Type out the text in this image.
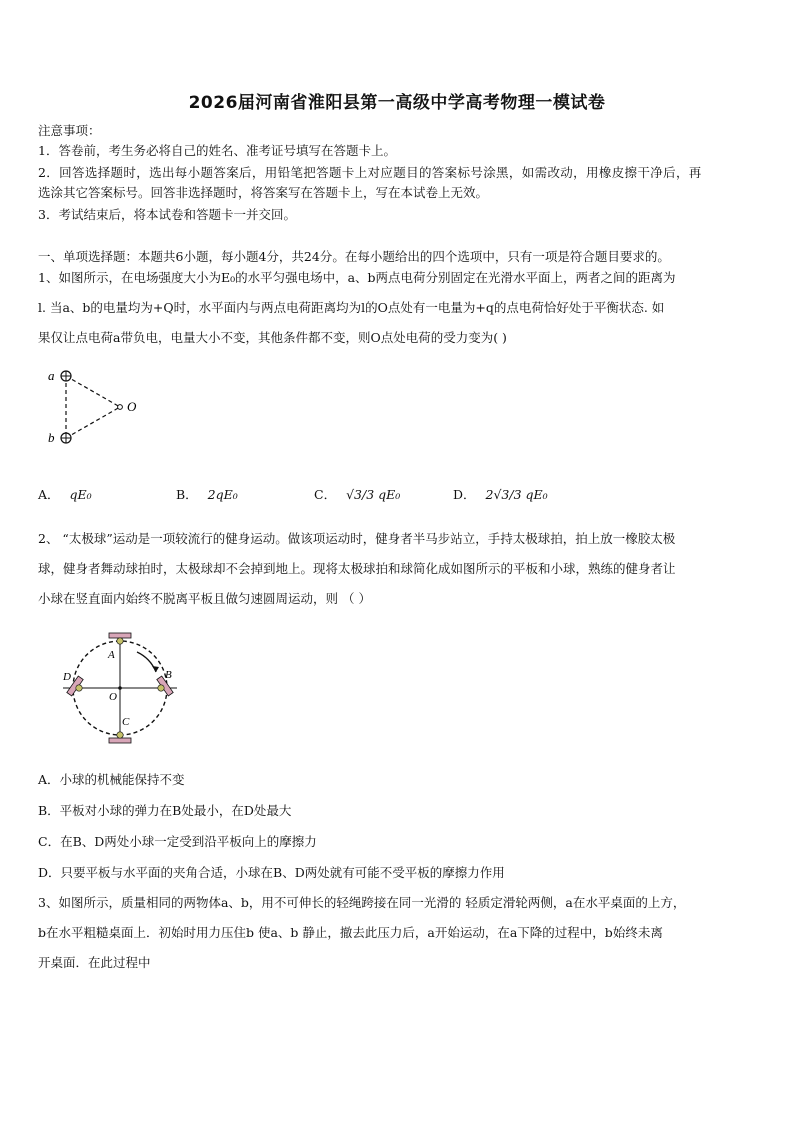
2026届河南省淮阳县第一高级中学高考物理一模试卷
注意事项：
1．答卷前，考生务必将自己的姓名、准考证号填写在答题卡上。
2．回答选择题时，选出每小题答案后，用铅笔把答题卡上对应题目的答案标号涂黑，如需改动，用橡皮擦干净后，再
选涂其它答案标号。回答非选择题时，将答案写在答题卡上，写在本试卷上无效。
3．考试结束后，将本试卷和答题卡一并交回。
一、单项选择题：本题共6小题，每小题4分，共24分。在每小题给出的四个选项中，只有一项是符合题目要求的。
1、如图所示，在电场强度大小为E₀的水平匀强电场中，a、b两点电荷分别固定在光滑水平面上，两者之间的距离为
l. 当a、b的电量均为+Q时，水平面内与两点电荷距离均为l的O点处有一电量为+q的点电荷恰好处于平衡状态. 如
果仅让点电荷a带负电，电量大小不变，其他条件都不变，则O点处电荷的受力变为( )
a
b
O
A． qE₀	B． 2qE₀	C． √3/3 qE₀	D． 2√3/3 qE₀
2、 “太极球”运动是一项较流行的健身运动。做该项运动时，健身者半马步站立，手持太极球拍，拍上放一橡胶太极
球，健身者舞动球拍时，太极球却不会掉到地上。现将太极球拍和球简化成如图所示的平板和小球，熟练的健身者让
小球在竖直面内始终不脱离平板且做匀速圆周运动，则 （ ）
A
B
C
D
O
A．小球的机械能保持不变
B．平板对小球的弹力在B处最小，在D处最大
C．在B、D两处小球一定受到沿平板向上的摩擦力
D．只要平板与水平面的夹角合适，小球在B、D两处就有可能不受平板的摩擦力作用
3、如图所示，质量相同的两物体a、b，用不可伸长的轻绳跨接在同一光滑的 轻质定滑轮两侧，a在水平桌面的上方，
b在水平粗糙桌面上．初始时用力压住b 使a、b 静止，撤去此压力后，a开始运动，在a下降的过程中，b始终未离
开桌面．在此过程中
